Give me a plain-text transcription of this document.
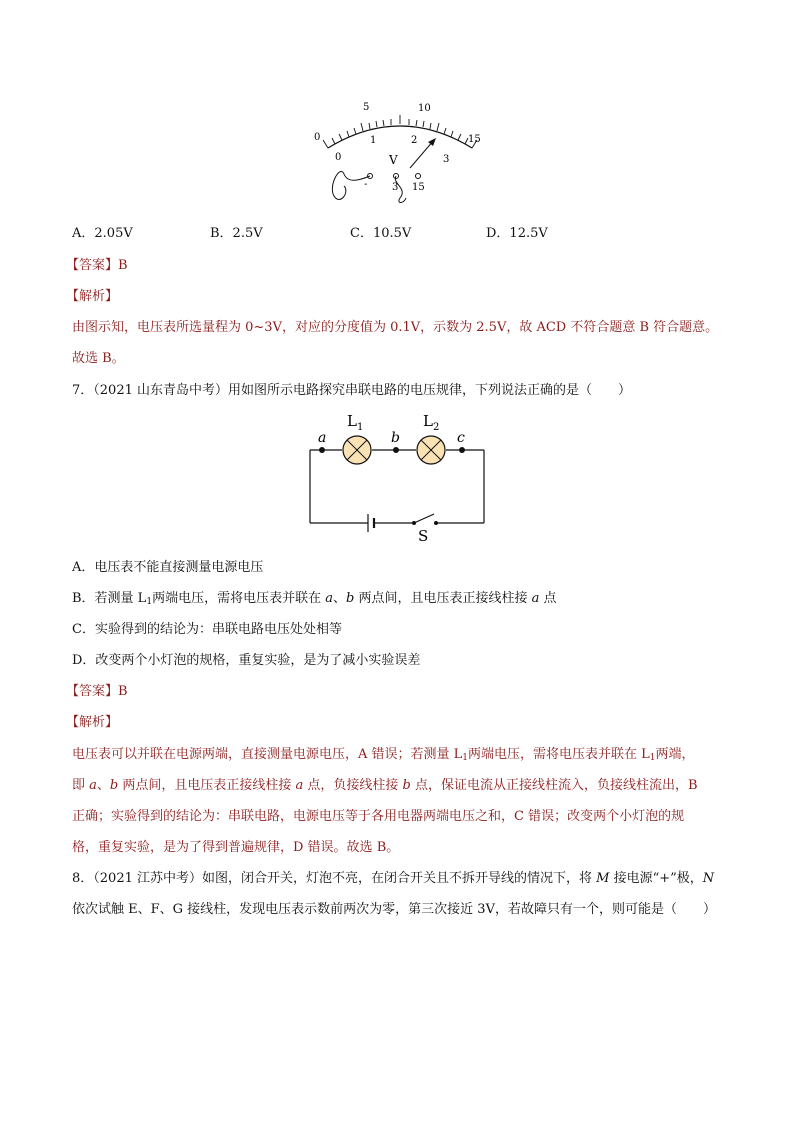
0
5	10
15
0
1	2
3
V
- 3 15
A．2.05V	B．2.5V	C．10.5V	D．12.5V
【答案】B
【解析】
由图示知，电压表所选量程为 0~3V，对应的分度值为 0.1V，示数为 2.5V，故 ACD 不符合题意 B 符合题意。
故选 B。
7．（2021 山东青岛中考）用如图所示电路探究串联电路的电压规律，下列说法正确的是（　　）
a	b	c
$L_1$	$L_2$
S
A．电压表不能直接测量电源电压
B．若测量 $L_1$两端电压，需将电压表并联在 a、b 两点间，且电压表正接线柱接 a 点
C．实验得到的结论为：串联电路电压处处相等
D．改变两个小灯泡的规格，重复实验，是为了减小实验误差
【答案】B
【解析】
电压表可以并联在电源两端，直接测量电源电压，A 错误；若测量 $L_1$两端电压，需将电压表并联在 $L_1$两端，
即 a、b 两点间，且电压表正接线柱接 a 点，负接线柱接 b 点，保证电流从正接线柱流入，负接线柱流出，B
正确；实验得到的结论为：串联电路，电源电压等于各用电器两端电压之和，C 错误；改变两个小灯泡的规
格，重复实验，是为了得到普遍规律，D 错误。故选 B。
8．（2021 江苏中考）如图，闭合开关，灯泡不亮，在闭合开关且不拆开导线的情况下，将 M 接电源“+”极，N
依次试触 E、F、G 接线柱，发现电压表示数前两次为零，第三次接近 3V，若故障只有一个，则可能是（　　）
